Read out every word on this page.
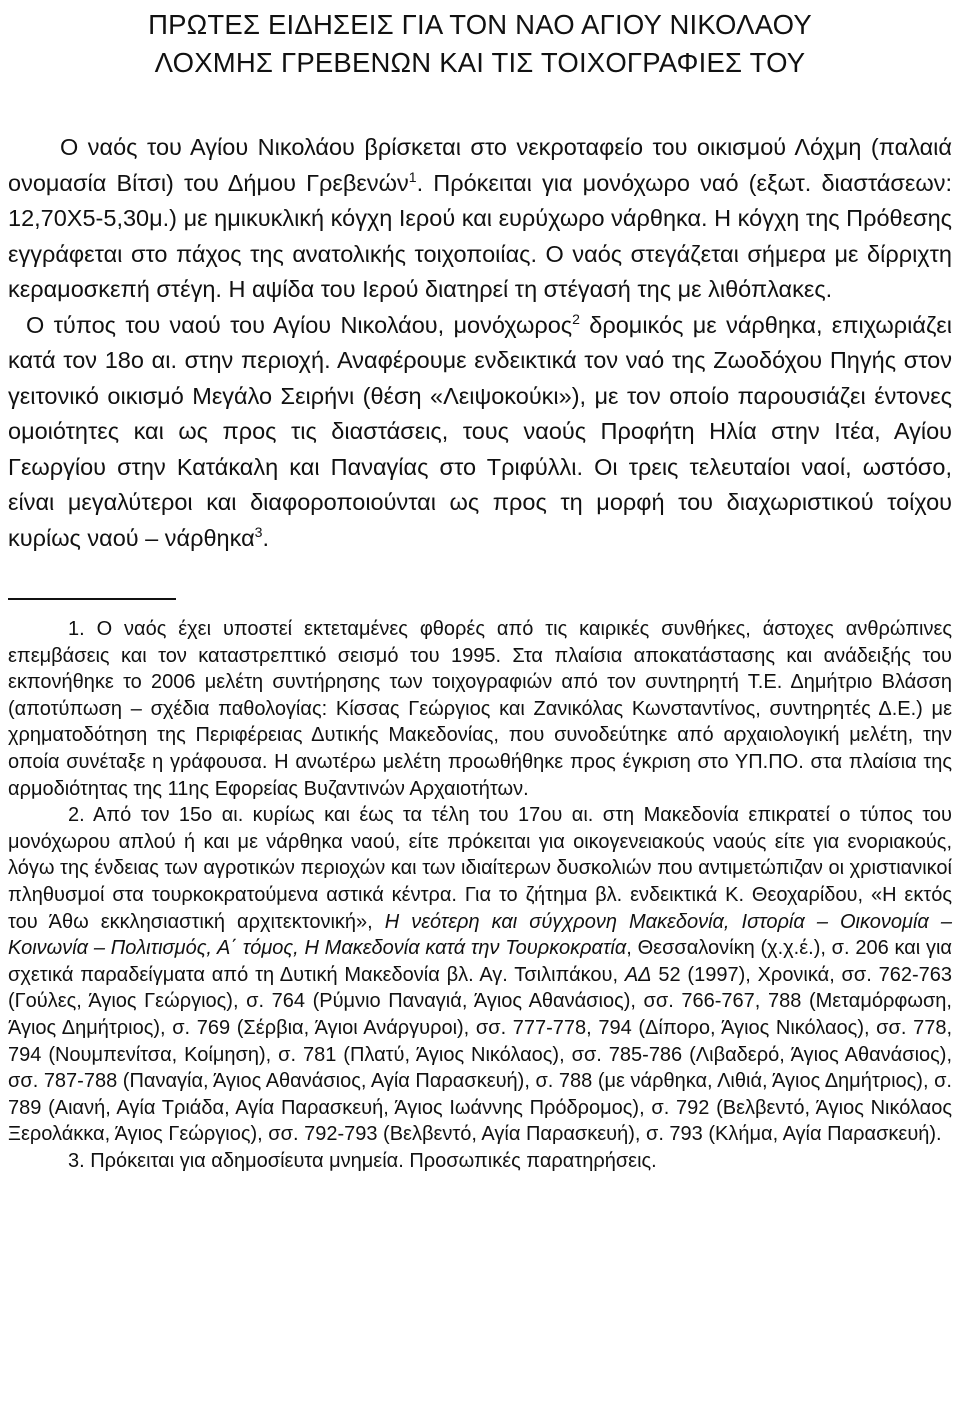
ΠΡΩΤΕΣ ΕΙΔΗΣΕΙΣ ΓΙΑ ΤΟΝ ΝΑΟ ΑΓΙΟΥ ΝΙΚΟΛΑΟΥ
ΛΟΧΜΗΣ ΓΡΕΒΕΝΩΝ ΚΑΙ ΤΙΣ ΤΟΙΧΟΓΡΑΦΙΕΣ ΤΟΥ

Ο ναός του Αγίου Νικολάου βρίσκεται στο νεκροταφείο του οικισμού Λόχμη (παλαιά ονομασία Βίτσι) του Δήμου Γρεβενών$^1$. Πρόκειται για μονόχωρο ναό (εξωτ. διαστάσεων: 12,70Χ5-5,30μ.) με ημικυκλική κόγχη Ιερού και ευρύχωρο νάρθηκα. Η κόγχη της Πρόθεσης εγγράφεται στο πάχος της ανατολικής τοιχοποιίας. Ο ναός στεγάζεται σήμερα με δίρριχτη κεραμοσκεπή στέγη. Η αψίδα του Ιερού διατηρεί τη στέγασή της με λιθόπλακες.

Ο τύπος του ναού του Αγίου Νικολάου, μονόχωρος$^2$ δρομικός με νάρθηκα, επιχωριάζει κατά τον 18ο αι. στην περιοχή. Αναφέρουμε ενδεικτικά τον ναό της Ζωοδόχου Πηγής στον γειτονικό οικισμό Μεγάλο Σειρήνι (θέση «Λειψοκούκι»), με τον οποίο παρουσιάζει έντονες ομοιότητες και ως προς τις διαστάσεις, τους ναούς Προφήτη Ηλία στην Ιτέα, Αγίου Γεωργίου στην Κατάκαλη και Παναγίας στο Τριφύλλι. Οι τρεις τελευταίοι ναοί, ωστόσο, είναι μεγαλύτεροι και διαφοροποιούνται ως προς τη μορφή του διαχωριστικού τοίχου κυρίως ναού – νάρθηκα$^3$.

1. Ο ναός έχει υποστεί εκτεταμένες φθορές από τις καιρικές συνθήκες, άστοχες ανθρώπινες επεμβάσεις και τον καταστρεπτικό σεισμό του 1995. Στα πλαίσια αποκατάστασης και ανάδειξής του εκπονήθηκε το 2006 μελέτη συντήρησης των τοιχογραφιών από τον συντηρητή Τ.Ε. Δημήτριο Βλάσση (αποτύπωση – σχέδια παθολογίας: Κίσσας Γεώργιος και Ζανικόλας Κωνσταντίνος, συντηρητές Δ.Ε.) με χρηματοδότηση της Περιφέρειας Δυτικής Μακεδονίας, που συνοδεύτηκε από αρχαιολογική μελέτη, την οποία συνέταξε η γράφουσα. Η ανωτέρω μελέτη προωθήθηκε προς έγκριση στο ΥΠ.ΠΟ. στα πλαίσια της αρμοδιότητας της 11ης Εφορείας Βυζαντινών Αρχαιοτήτων.

2. Από τον 15ο αι. κυρίως και έως τα τέλη του 17ου αι. στη Μακεδονία επικρατεί ο τύπος του μονόχωρου απλού ή και με νάρθηκα ναού, είτε πρόκειται για οικογενειακούς ναούς είτε για ενοριακούς, λόγω της ένδειας των αγροτικών περιοχών και των ιδιαίτερων δυσκολιών που αντιμετώπιζαν οι χριστιανικοί πληθυσμοί στα τουρκοκρατούμενα αστικά κέντρα. Για το ζήτημα βλ. ενδεικτικά Κ. Θεοχαρίδου, «Η εκτός του Άθω εκκλησιαστική αρχιτεκτονική», Η νεότερη και σύγχρονη Μακεδονία, Ιστορία – Οικονομία – Κοινωνία – Πολιτισμός, Α΄ τόμος, Η Μακεδονία κατά την Τουρκοκρατία, Θεσσαλονίκη (χ.χ.έ.), σ. 206 και για σχετικά παραδείγματα από τη Δυτική Μακεδονία βλ. Αγ. Τσιλιπάκου, ΑΔ 52 (1997), Χρονικά, σσ. 762-763 (Γούλες, Άγιος Γεώργιος), σ. 764 (Ρύμνιο Παναγιά, Άγιος Αθανάσιος), σσ. 766-767, 788 (Μεταμόρφωση, Άγιος Δημήτριος), σ. 769 (Σέρβια, Άγιοι Ανάργυροι), σσ. 777-778, 794 (Δίπορο, Άγιος Νικόλαος), σσ. 778, 794 (Νουμπενίτσα, Κοίμηση), σ. 781 (Πλατύ, Άγιος Νικόλαος), σσ. 785-786 (Λιβαδερό, Άγιος Αθανάσιος), σσ. 787-788 (Παναγία, Άγιος Αθανάσιος, Αγία Παρασκευή), σ. 788 (με νάρθηκα, Λιθιά, Άγιος Δημήτριος), σ. 789 (Αιανή, Αγία Τριάδα, Αγία Παρασκευή, Άγιος Ιωάννης Πρόδρομος), σ. 792 (Βελβεντό, Άγιος Νικόλαος Ξερολάκκα, Άγιος Γεώργιος), σσ. 792-793 (Βελβεντό, Αγία Παρασκευή), σ. 793 (Κλήμα, Αγία Παρασκευή).

3. Πρόκειται για αδημοσίευτα μνημεία. Προσωπικές παρατηρήσεις.
